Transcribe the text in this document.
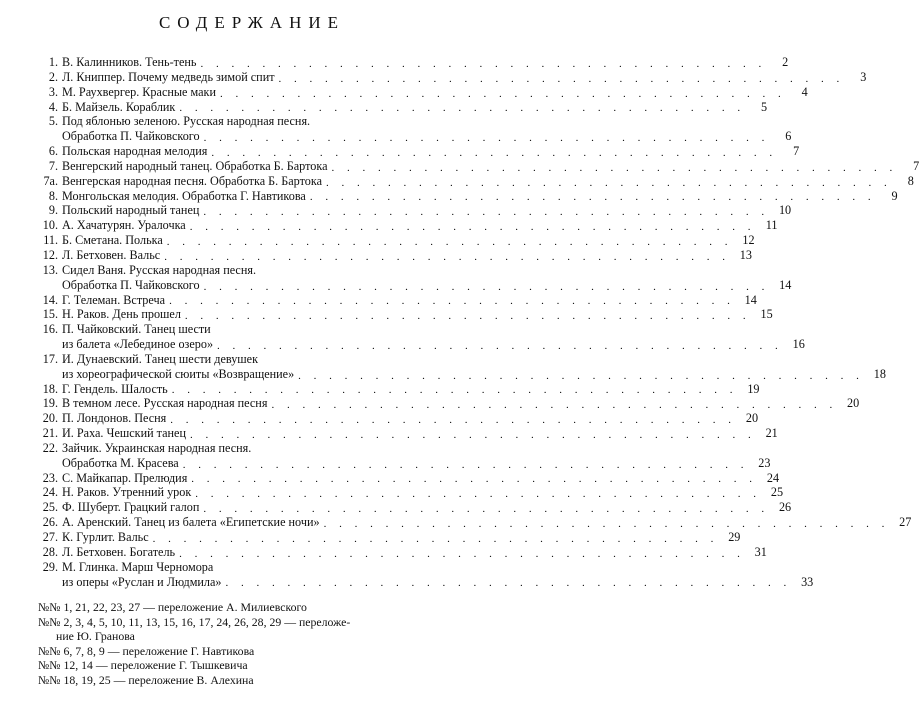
СОДЕРЖАНИЕ
1. В. Калинников. Тень-тень . . . . . . . . . . . . . . . . . . . . . . . . . . . . . . . . . . . . .	2
2. Л. Книппер. Почему медведь зимой спит . . . . . . . . . . . . . . . . . . . . . . . . . . . . . . . . . . . . .	3
3. М. Раухвергер. Красные маки . . . . . . . . . . . . . . . . . . . . . . . . . . . . . . . . . . . . .	4
4. Б. Майзель. Кораблик . . . . . . . . . . . . . . . . . . . . . . . . . . . . . . . . . . . . .	5
5. Под яблонью зеленою. Русская народная песня.
Обработка П. Чайковского . . . . . . . . . . . . . . . . . . . . . . . . . . . . . . . . . . . . .	6
6. Польская народная мелодия . . . . . . . . . . . . . . . . . . . . . . . . . . . . . . . . . . . . .	7
7. Венгерский народный танец. Обработка Б. Бартока . . . . . . . . . . . . . . . . . . . . . . . . . . . . . . . . . . . . .	7
7а. Венгерская народная песня. Обработка Б. Бартока . . . . . . . . . . . . . . . . . . . . . . . . . . . . . . . . . . . . .	8
8. Монгольская мелодия. Обработка Г. Навтикова . . . . . . . . . . . . . . . . . . . . . . . . . . . . . . . . . . . . .	9
9. Польский народный танец . . . . . . . . . . . . . . . . . . . . . . . . . . . . . . . . . . . . . 10
10. А. Хачатурян. Уралочка . . . . . . . . . . . . . . . . . . . . . . . . . . . . . . . . . . . . . 11
11. Б. Сметана. Полька . . . . . . . . . . . . . . . . . . . . . . . . . . . . . . . . . . . . . 12
12. Л. Бетховен. Вальс . . . . . . . . . . . . . . . . . . . . . . . . . . . . . . . . . . . . . 13
13. Сидел Ваня. Русская народная песня.
Обработка П. Чайковского . . . . . . . . . . . . . . . . . . . . . . . . . . . . . . . . . . . . . 14
14. Г. Телеман. Встреча . . . . . . . . . . . . . . . . . . . . . . . . . . . . . . . . . . . . . 14
15. Н. Раков. День прошел . . . . . . . . . . . . . . . . . . . . . . . . . . . . . . . . . . . . . 15
16. П. Чайковский. Танец шести
из балета «Лебединое озеро» . . . . . . . . . . . . . . . . . . . . . . . . . . . . . . . . . . . . . 16
17. И. Дунаевский. Танец шести девушек
из хореографической сюиты «Возвращение» . . . . . . . . . . . . . . . . . . . . . . . . . . . . . . . . . . . . . 18
18. Г. Гендель. Шалость . . . . . . . . . . . . . . . . . . . . . . . . . . . . . . . . . . . . . 19
19. В темном лесе. Русская народная песня . . . . . . . . . . . . . . . . . . . . . . . . . . . . . . . . . . . . . 20
20. П. Лондонов. Песня . . . . . . . . . . . . . . . . . . . . . . . . . . . . . . . . . . . . . 20
21. И. Раха. Чешский танец . . . . . . . . . . . . . . . . . . . . . . . . . . . . . . . . . . . . . 21
22. Зайчик. Украинская народная песня.
Обработка М. Красева . . . . . . . . . . . . . . . . . . . . . . . . . . . . . . . . . . . . . 23
23. С. Майкапар. Прелюдия . . . . . . . . . . . . . . . . . . . . . . . . . . . . . . . . . . . . . 24
24. Н. Раков. Утренний урок . . . . . . . . . . . . . . . . . . . . . . . . . . . . . . . . . . . . . 25
25. Ф. Шуберт. Грацкий галоп . . . . . . . . . . . . . . . . . . . . . . . . . . . . . . . . . . . . . 26
26. А. Аренский. Танец из балета «Египетские ночи» . . . . . . . . . . . . . . . . . . . . . . . . . . . . . . . . . . . . . 27
27. К. Гурлит. Вальс . . . . . . . . . . . . . . . . . . . . . . . . . . . . . . . . . . . . . 29
28. Л. Бетховен. Богатель . . . . . . . . . . . . . . . . . . . . . . . . . . . . . . . . . . . . . 31
29. М. Глинка. Марш Черномора
из оперы «Руслан и Людмила» . . . . . . . . . . . . . . . . . . . . . . . . . . . . . . . . . . . . . 33
№№ 1, 21, 22, 23, 27 — переложение А. Милиевского
№№ 2, 3, 4, 5, 10, 11, 13, 15, 16, 17, 24, 26, 28, 29 — переложе-
ние Ю. Гранова
№№ 6, 7, 8, 9 — переложение Г. Навтикова
№№ 12, 14 — переложение Г. Тышкевича
№№ 18, 19, 25 — переложение В. Алехина
